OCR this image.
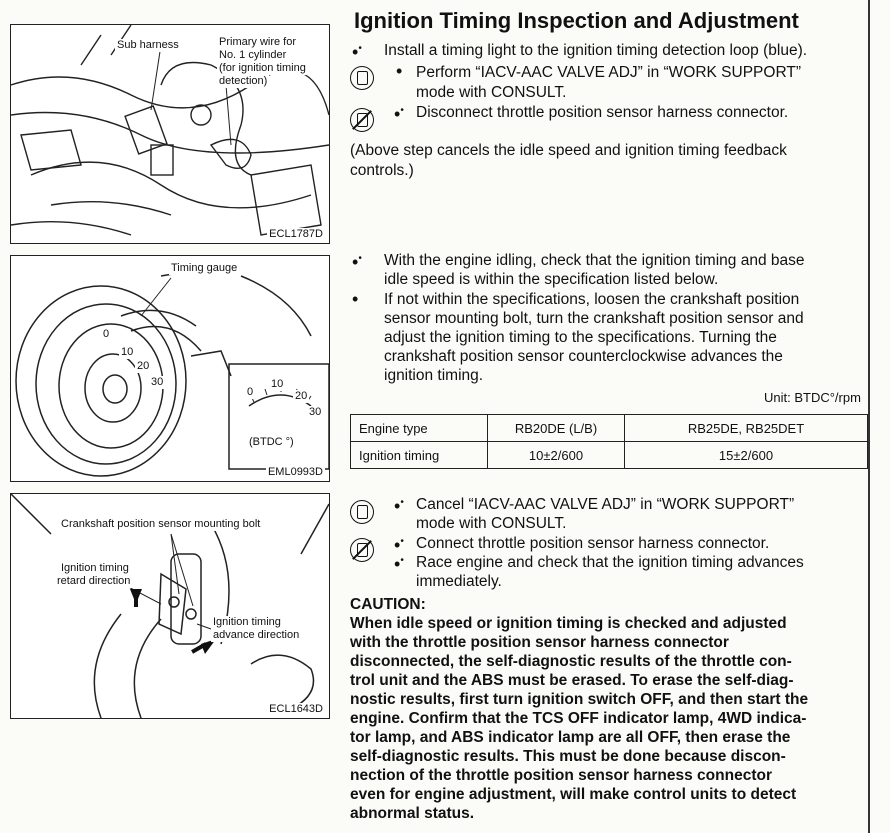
Sub harness	Primary wire for
No. 1 cylinder
(for ignition timing
detection)
ECL1787D
Timing gauge
0
10
20
30
0
10
20
30
(BTDC °)
EML0993D
Crankshaft position sensor mounting bolt
Ignition timing
retard direction
Ignition timing
advance direction
ECL1643D
Ignition Timing Inspection and Adjustment
•• Install a timing light to the ignition timing detection loop (blue).
• Perform “IACV-AAC VALVE ADJ” in “WORK SUPPORT”
mode with CONSULT.
•• Disconnect throttle position sensor harness connector.
(Above step cancels the idle speed and ignition timing feedback
controls.)
•• With the engine idling, check that the ignition timing and base
idle speed is within the specification listed below.
• If not within the specifications, loosen the crankshaft position
sensor mounting bolt, turn the crankshaft position sensor and
adjust the ignition timing to the specifications. Turning the
crankshaft position sensor counterclockwise advances the
ignition timing.
Unit: BTDC°/rpm
Engine type	RB20DE (L/B)	RB25DE, RB25DET
Ignition timing	10±2/600	15±2/600
•• Cancel “IACV-AAC VALVE ADJ” in “WORK SUPPORT”
mode with CONSULT.
•• Connect throttle position sensor harness connector.
•• Race engine and check that the ignition timing advances
immediately.
CAUTION:
When idle speed or ignition timing is checked and adjusted
with the throttle position sensor harness connector
disconnected, the self-diagnostic results of the throttle con-
trol unit and the ABS must be erased. To erase the self-diag-
nostic results, first turn ignition switch OFF, and then start the
engine. Confirm that the TCS OFF indicator lamp, 4WD indica-
tor lamp, and ABS indicator lamp are all OFF, then erase the
self-diagnostic results. This must be done because discon-
nection of the throttle position sensor harness connector
even for engine adjustment, will make control units to detect
abnormal status.
